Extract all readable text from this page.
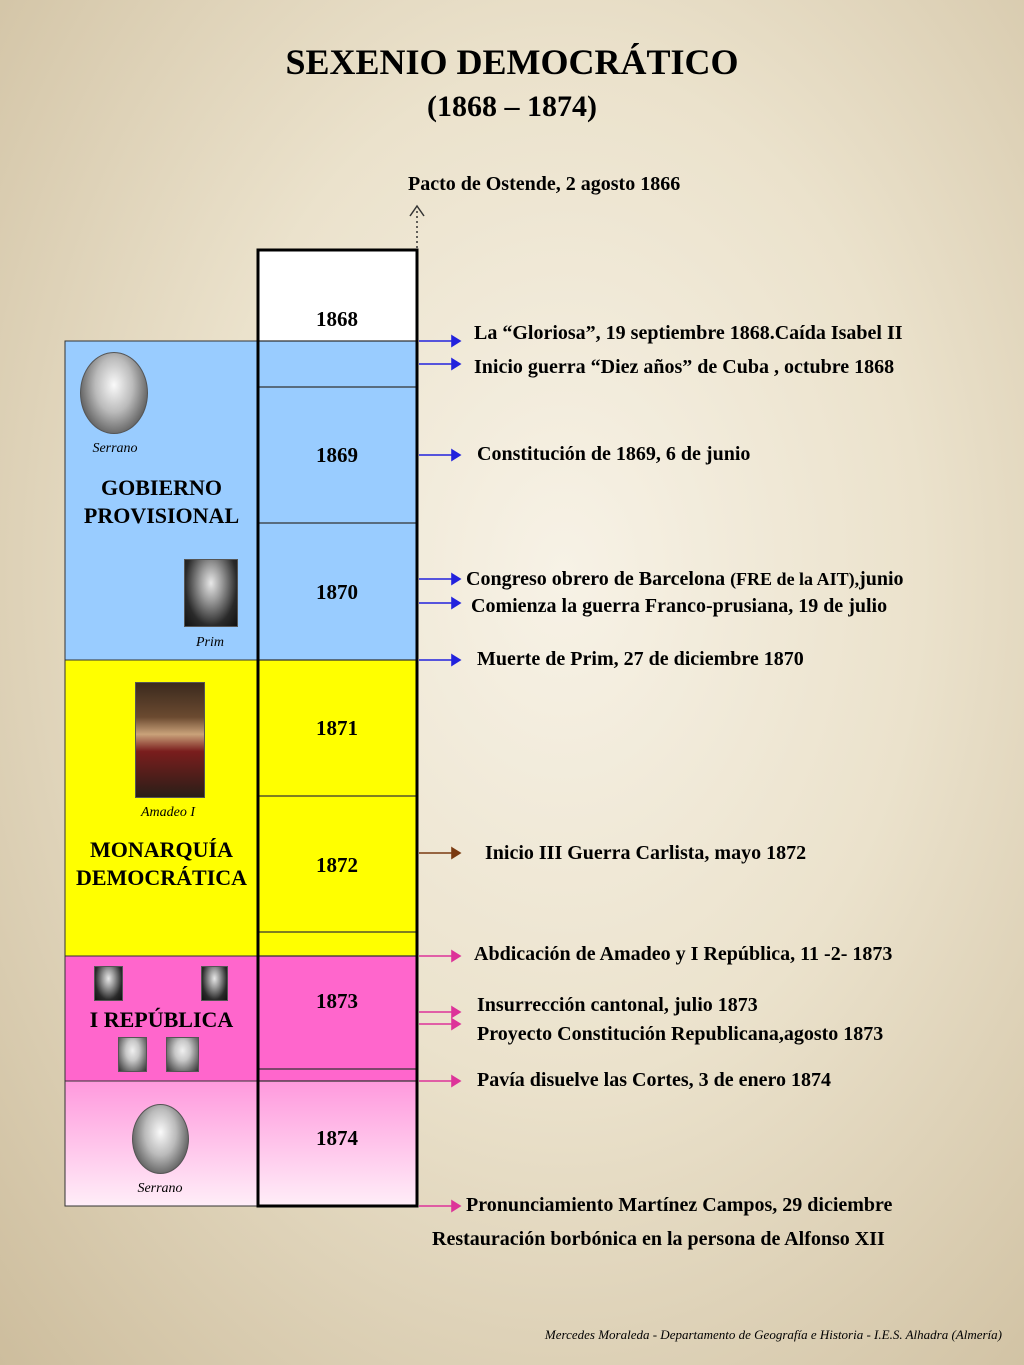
SEXENIO DEMOCRÁTICO
(1868 – 1874)
Pacto de Ostende, 2 agosto 1866
1868
1869
1870
1871
1872
1873
1874
GOBIERNO PROVISIONAL
MONARQUÍA DEMOCRÁTICA
I REPÚBLICA
Serrano
Prim
Amadeo I
Serrano
La “Gloriosa”, 19 septiembre 1868.Caída Isabel II
Inicio guerra “Diez años” de Cuba , octubre 1868
Constitución de 1869, 6 de junio
Congreso obrero de Barcelona (FRE de la AIT),junio
Comienza la guerra Franco-prusiana, 19 de julio
Muerte de Prim, 27 de diciembre 1870
Inicio III Guerra Carlista, mayo 1872
Abdicación de Amadeo y I República, 11 -2- 1873
Insurrección cantonal, julio 1873
Proyecto Constitución Republicana,agosto 1873
Pavía disuelve las Cortes, 3 de enero 1874
Pronunciamiento Martínez Campos, 29 diciembre
Restauración borbónica en la persona de Alfonso XII
Mercedes Moraleda - Departamento de Geografía e Historia - I.E.S. Alhadra (Almería)
